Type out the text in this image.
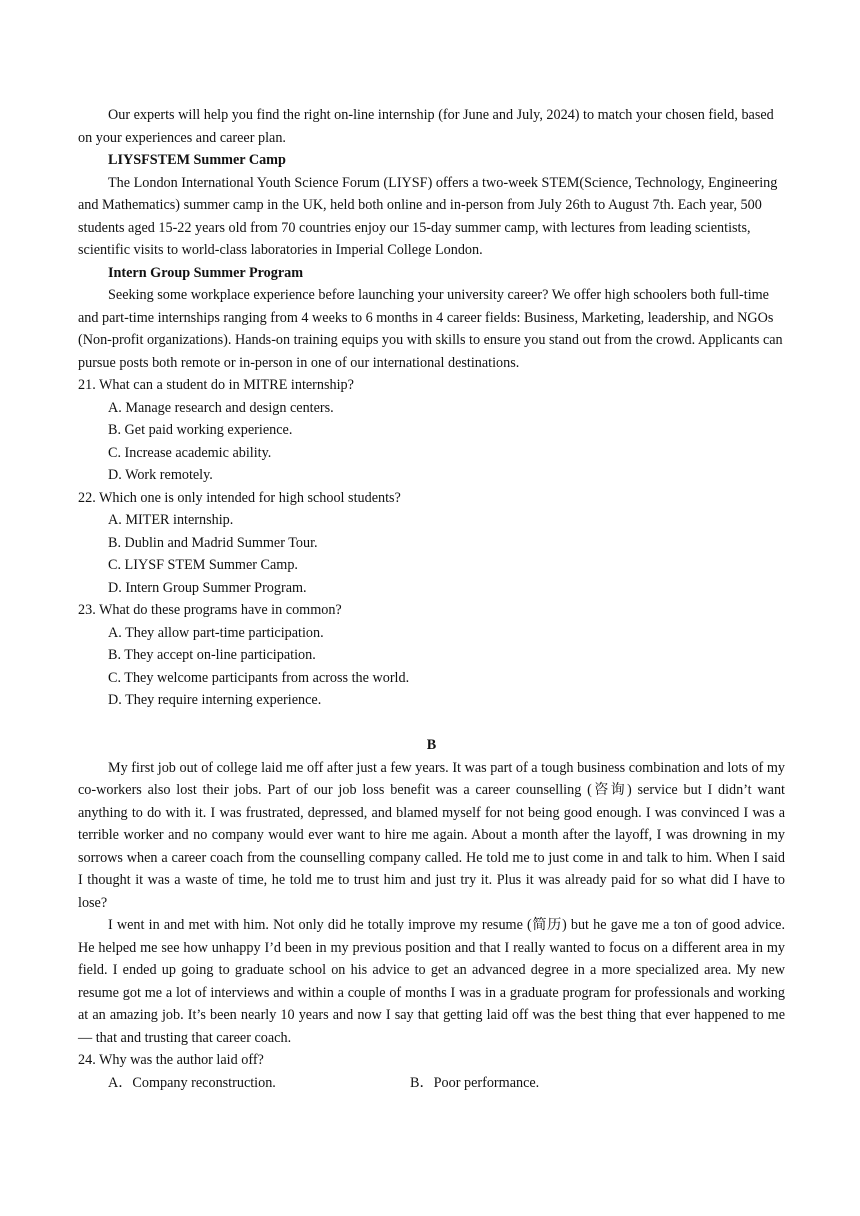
Our experts will help you find the right on-line internship (for June and July, 2024) to match your chosen field, based on your experiences and career plan.

LIYSFSTEM Summer Camp

The London International Youth Science Forum (LIYSF) offers a two-week STEM(Science, Technology, Engineering and Mathematics) summer camp in the UK, held both online and in-person from July 26th to August 7th. Each year, 500 students aged 15-22 years old from 70 countries enjoy our 15-day summer camp, with lectures from leading scientists, scientific visits to world-class laboratories in Imperial College London.

Intern Group Summer Program

Seeking some workplace experience before launching your university career? We offer high schoolers both full-time and part-time internships ranging from 4 weeks to 6 months in 4 career fields: Business, Marketing, leadership, and NGOs (Non-profit organizations). Hands-on training equips you with skills to ensure you stand out from the crowd. Applicants can pursue posts both remote or in-person in one of our international destinations.

21. What can a student do in MITRE internship?

A. Manage research and design centers.

B. Get paid working experience.

C. Increase academic ability.

D. Work remotely.

22. Which one is only intended for high school students?

A. MITER internship.

B. Dublin and Madrid Summer Tour.

C. LIYSF STEM Summer Camp.

D. Intern Group Summer Program.

23. What do these programs have in common?

A. They allow part-time participation.

B. They accept on-line participation.

C. They welcome participants from across the world.

D. They require interning experience.

B

My first job out of college laid me off after just a few years. It was part of a tough business combination and lots of my co-workers also lost their jobs. Part of our job loss benefit was a career counselling (咨询) service but I didn’t want anything to do with it. I was frustrated, depressed, and blamed myself for not being good enough. I was convinced I was a terrible worker and no company would ever want to hire me again. About a month after the layoff, I was drowning in my sorrows when a career coach from the counselling company called. He told me to just come in and talk to him. When I said I thought it was a waste of time, he told me to trust him and just try it. Plus it was already paid for so what did I have to lose?

I went in and met with him. Not only did he totally improve my resume (简历) but he gave me a ton of good advice. He helped me see how unhappy I’d been in my previous position and that I really wanted to focus on a different area in my field. I ended up going to graduate school on his advice to get an advanced degree in a more specialized area. My new resume got me a lot of interviews and within a couple of months I was in a graduate program for professionals and working at an amazing job. It’s been nearly 10 years and now I say that getting laid off was the best thing that ever happened to me — that and trusting that career coach.

24. Why was the author laid off?

A．Company reconstruction.	B．Poor performance.
